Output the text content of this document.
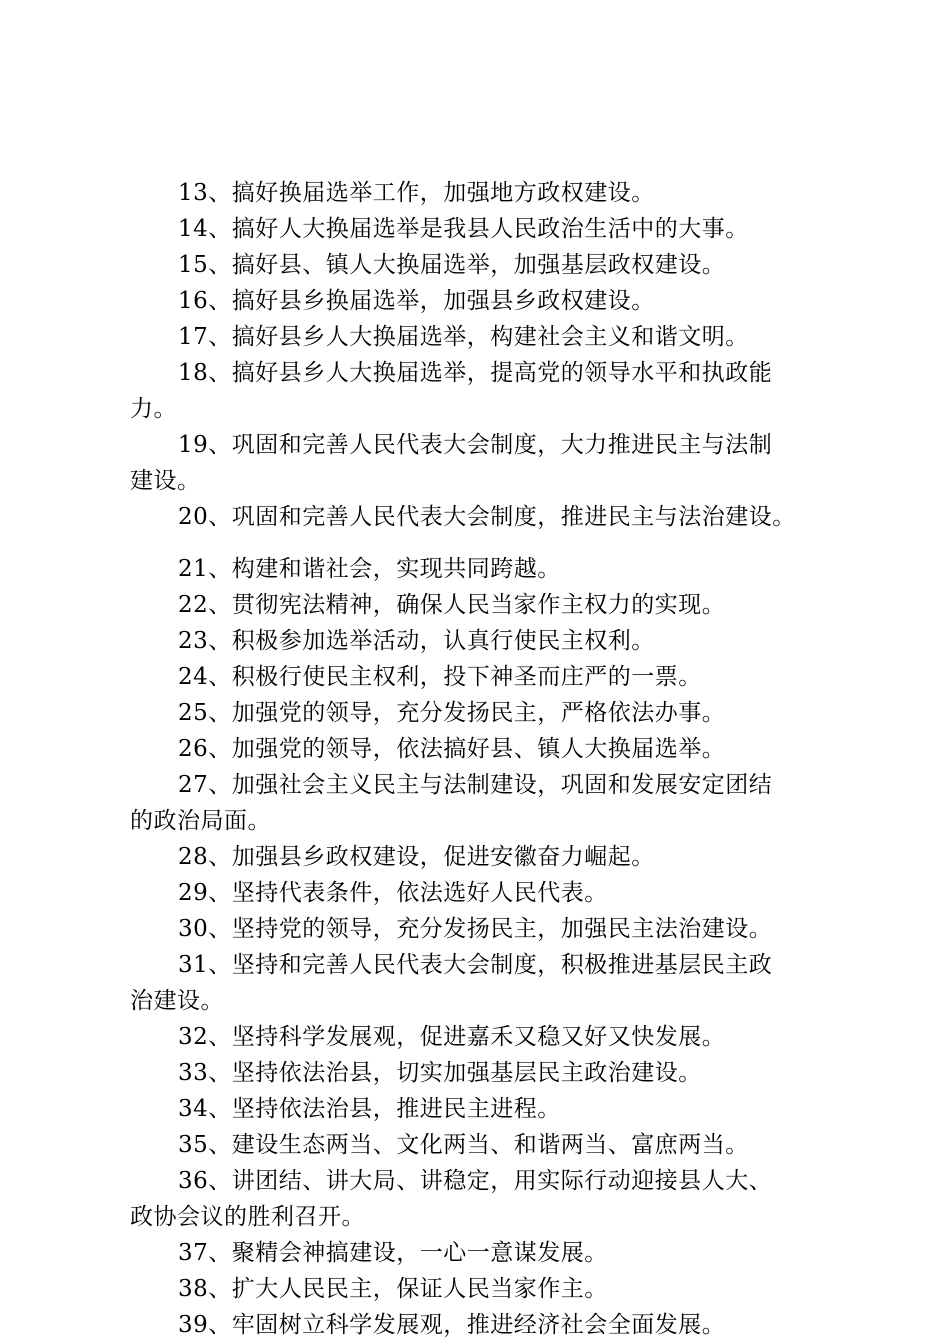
13、搞好换届选举工作，加强地方政权建设。

14、搞好人大换届选举是我县人民政治生活中的大事。

15、搞好县、镇人大换届选举，加强基层政权建设。

16、搞好县乡换届选举，加强县乡政权建设。

17、搞好县乡人大换届选举，构建社会主义和谐文明。

18、搞好县乡人大换届选举，提高党的领导水平和执政能
力。

19、巩固和完善人民代表大会制度，大力推进民主与法制
建设。

20、巩固和完善人民代表大会制度，推进民主与法治建设。

21、构建和谐社会，实现共同跨越。

22、贯彻宪法精神，确保人民当家作主权力的实现。

23、积极参加选举活动，认真行使民主权利。

24、积极行使民主权利，投下神圣而庄严的一票。

25、加强党的领导，充分发扬民主，严格依法办事。

26、加强党的领导，依法搞好县、镇人大换届选举。

27、加强社会主义民主与法制建设，巩固和发展安定团结
的政治局面。

28、加强县乡政权建设，促进安徽奋力崛起。

29、坚持代表条件，依法选好人民代表。

30、坚持党的领导，充分发扬民主，加强民主法治建设。

31、坚持和完善人民代表大会制度，积极推进基层民主政
治建设。

32、坚持科学发展观，促进嘉禾又稳又好又快发展。

33、坚持依法治县，切实加强基层民主政治建设。

34、坚持依法治县，推进民主进程。

35、建设生态两当、文化两当、和谐两当、富庶两当。

36、讲团结、讲大局、讲稳定，用实际行动迎接县人大、
政协会议的胜利召开。

37、聚精会神搞建设，一心一意谋发展。

38、扩大人民民主，保证人民当家作主。

39、牢固树立科学发展观，推进经济社会全面发展。
